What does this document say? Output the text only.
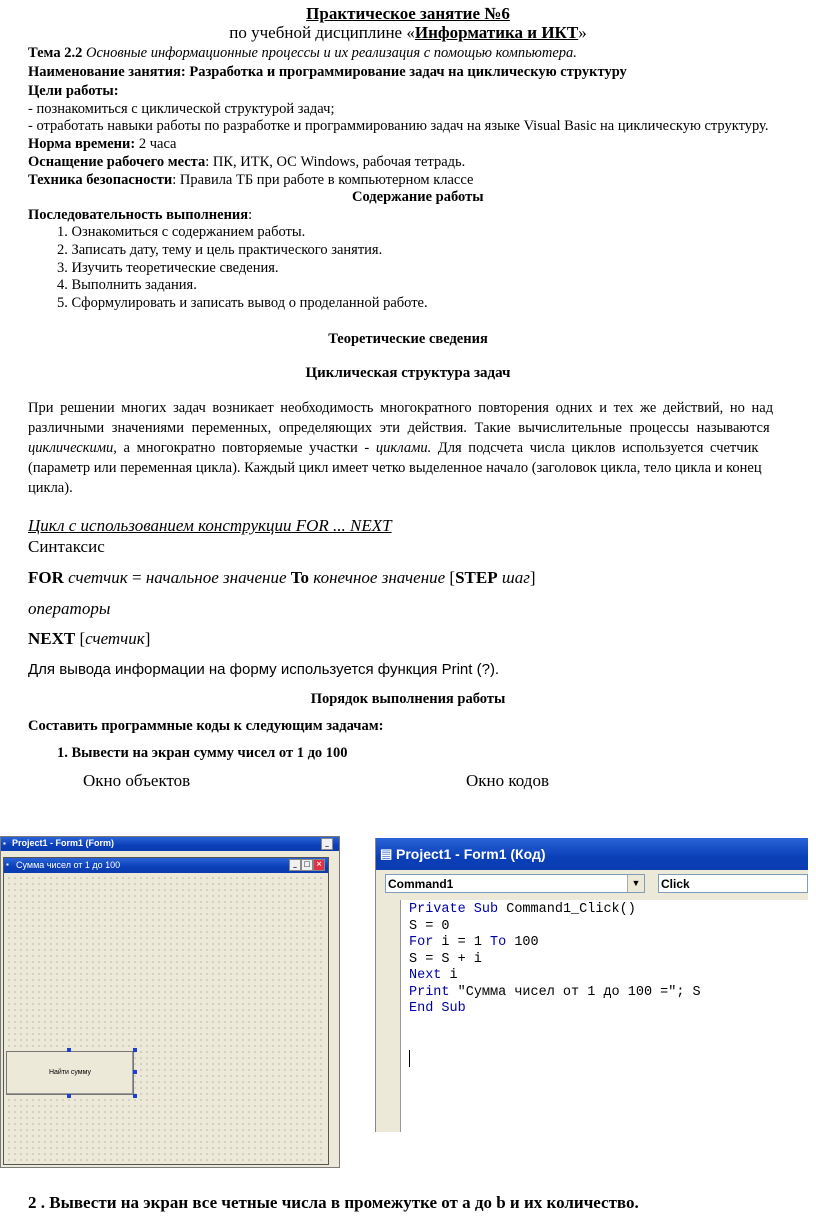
Практическое занятие №6
по учебной дисциплине «Информатика и ИКТ»
Тема 2.2 Основные информационные процессы и их реализация с помощью компьютера.
Наименование занятия: Разработка и программирование задач на циклическую структуру
Цели работы:
- познакомиться с циклической структурой задач;
- отработать навыки работы по разработке и программированию задач на языке Visual Basic на циклическую структуру.
Норма времени: 2 часа
Оснащение рабочего места: ПК, ИТК, ОС Windows, рабочая тетрадь.
Техника безопасности: Правила ТБ при работе в компьютерном классе
Содержание работы
Последовательность выполнения:
1. Ознакомиться с содержанием работы.
2. Записать дату, тему и цель практического занятия.
3. Изучить теоретические сведения.
4. Выполнить задания.
5. Сформулировать и записать вывод о проделанной работе.
Теоретические сведения
Циклическая структура задач
При решении многих задач возникает необходимость многократного повторения одних и тех же действий, но над
различными значениями переменных, определяющих эти действия. Такие вычислительные процессы называются
циклическими, а многократно повторяемые участки - циклами. Для подсчета числа циклов используется счетчик
(параметр или переменная цикла). Каждый цикл имеет четко выделенное начало (заголовок цикла, тело цикла и конец
цикла).
Цикл с использованием конструкции FOR ... NEXT
Синтаксис
FOR счетчик = начальное значение To конечное значение [STEP шаг]
операторы
NEXT [счетчик]
Для вывода информации на форму используется функция Print (?).
Порядок выполнения работы
Составить программные коды к следующим задачам:
1. Вывести на экран сумму чисел от 1 до 100
Окно объектов	Окно кодов
▪ Project1 - Form1 (Form)	_
▪ Сумма чисел от 1 до 100	_ □ ×
Найти сумму
▤ Project1 - Form1 (Код)
Command1	▼ Click
Private Sub Command1_Click()
S = 0
For i = 1 To 100
S = S + i
Next i
Print "Сумма чисел от 1 до 100 ="; S
End Sub
2 . Вывести на экран все четные числа в промежутке от a до b и их количество.
